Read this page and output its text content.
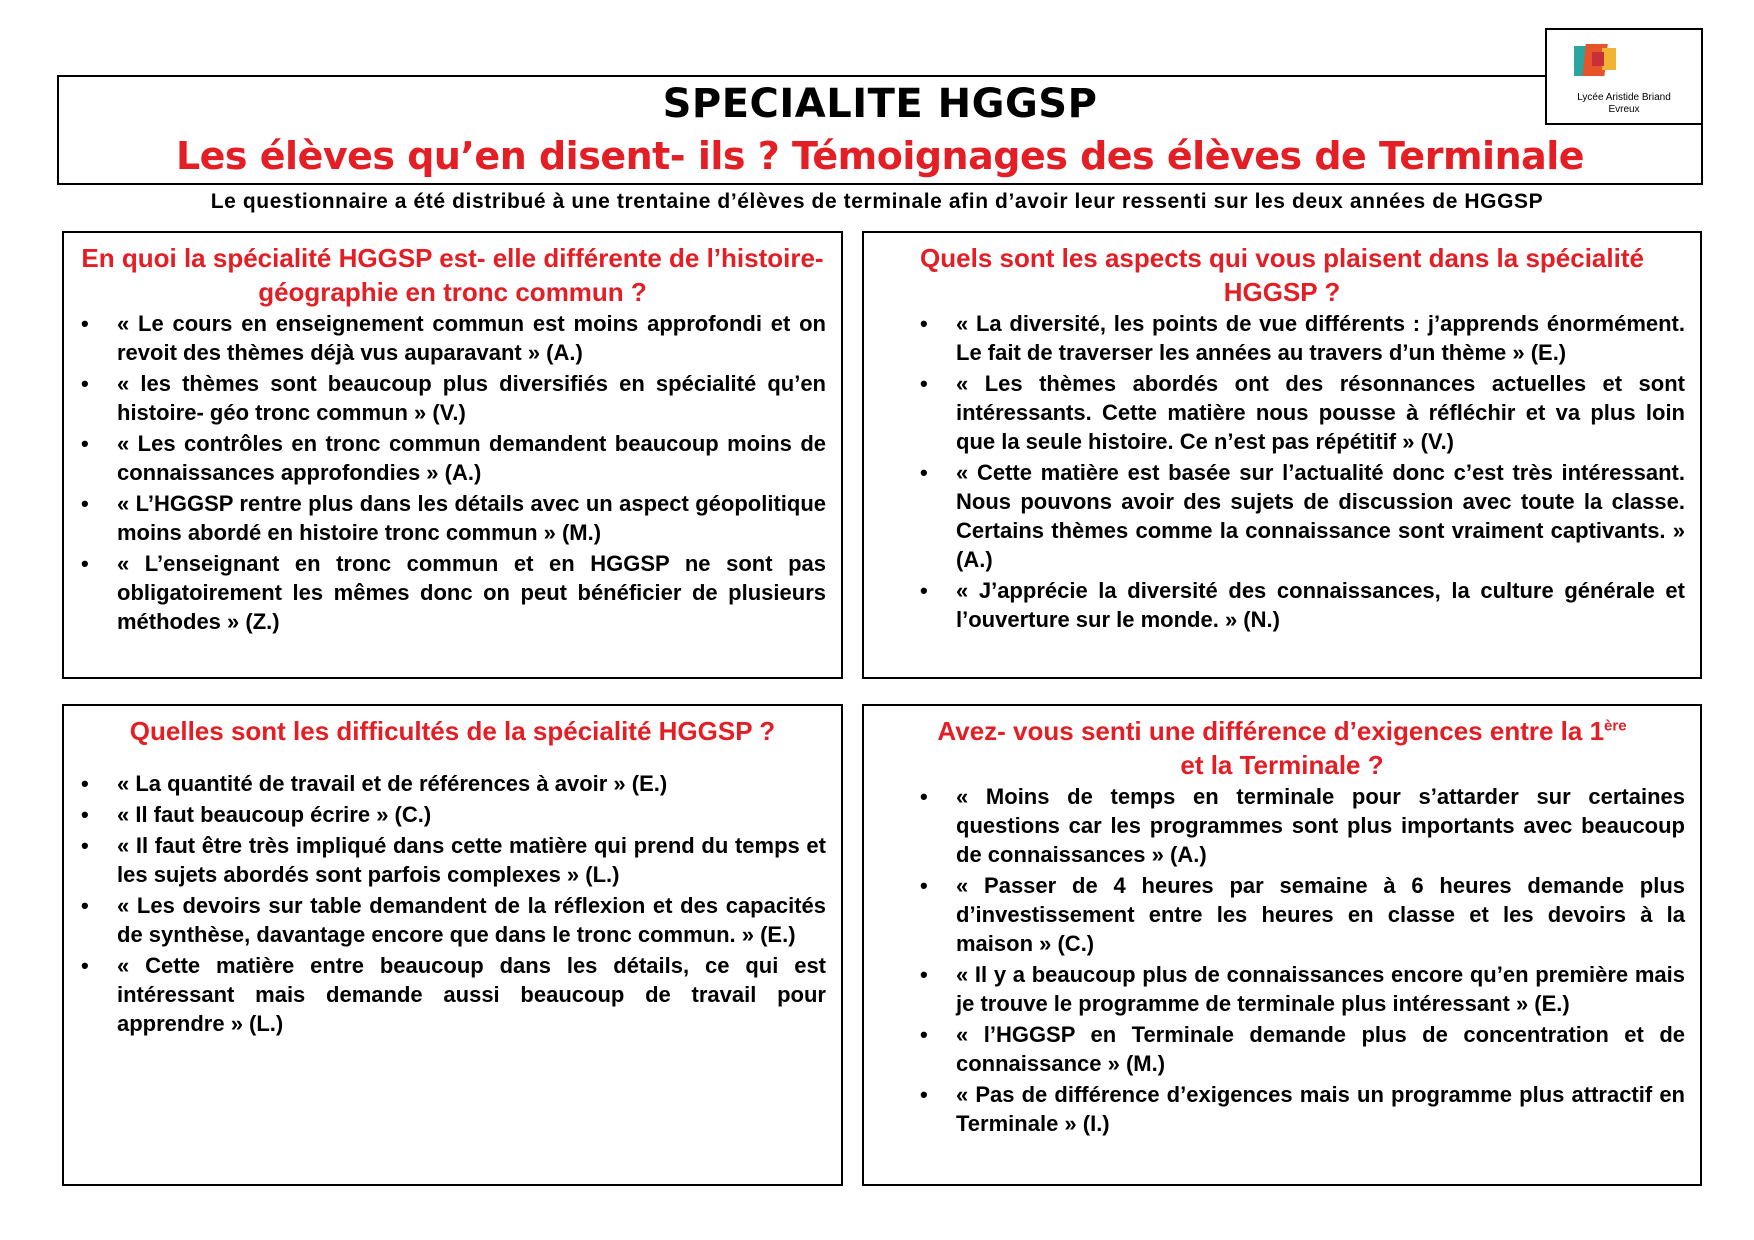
SPECIALITE HGGSP
Les élèves qu’en disent- ils ? Témoignages des élèves de Terminale
Lycée Aristide Briand
Evreux
Le questionnaire a été distribué à une trentaine d’élèves de terminale afin d’avoir leur ressenti sur les deux années de HGGSP
En quoi la spécialité HGGSP est- elle différente de l’histoire- géographie en tronc commun ?
• « Le cours en enseignement commun est moins approfondi et on revoit des thèmes déjà vus auparavant » (A.)
• « les thèmes sont beaucoup plus diversifiés en spécialité qu’en histoire- géo tronc commun » (V.)
• « Les contrôles en tronc commun demandent beaucoup moins de connaissances approfondies » (A.)
• « L’HGGSP rentre plus dans les détails avec un aspect géopolitique moins abordé en histoire tronc commun » (M.)
• « L’enseignant en tronc commun et en HGGSP ne sont pas obligatoirement les mêmes donc on peut bénéficier de plusieurs méthodes » (Z.)
Quels sont les aspects qui vous plaisent dans la spécialité HGGSP ?
• « La diversité, les points de vue différents : j’apprends énormément. Le fait de traverser les années au travers d’un thème » (E.)
• « Les thèmes abordés ont des résonnances actuelles et sont intéressants. Cette matière nous pousse à réfléchir et va plus loin que la seule histoire. Ce n’est pas répétitif » (V.)
• « Cette matière est basée sur l’actualité donc c’est très intéressant. Nous pouvons avoir des sujets de discussion avec toute la classe. Certains thèmes comme la connaissance sont vraiment captivants. » (A.)
• « J’apprécie la diversité des connaissances, la culture générale et l’ouverture sur le monde. » (N.)
Quelles sont les difficultés de la spécialité HGGSP ?
• « La quantité de travail et de références à avoir » (E.)
• « Il faut beaucoup écrire » (C.)
• « Il faut être très impliqué dans cette matière qui prend du temps et les sujets abordés sont parfois complexes » (L.)
• « Les devoirs sur table demandent de la réflexion et des capacités de synthèse, davantage encore que dans le tronc commun. » (E.)
• « Cette matière entre beaucoup dans les détails, ce qui est intéressant mais demande aussi beaucoup de travail pour apprendre » (L.)
Avez- vous senti une différence d’exigences entre la 1ère
et la Terminale ?
• « Moins de temps en terminale pour s’attarder sur certaines questions car les programmes sont plus importants avec beaucoup de connaissances » (A.)
• « Passer de 4 heures par semaine à 6 heures demande plus d’investissement entre les heures en classe et les devoirs à la maison » (C.)
• « Il y a beaucoup plus de connaissances encore qu’en première mais je trouve le programme de terminale plus intéressant » (E.)
• « l’HGGSP en Terminale demande plus de concentration et de connaissance » (M.)
• « Pas de différence d’exigences mais un programme plus attractif en Terminale » (I.)
